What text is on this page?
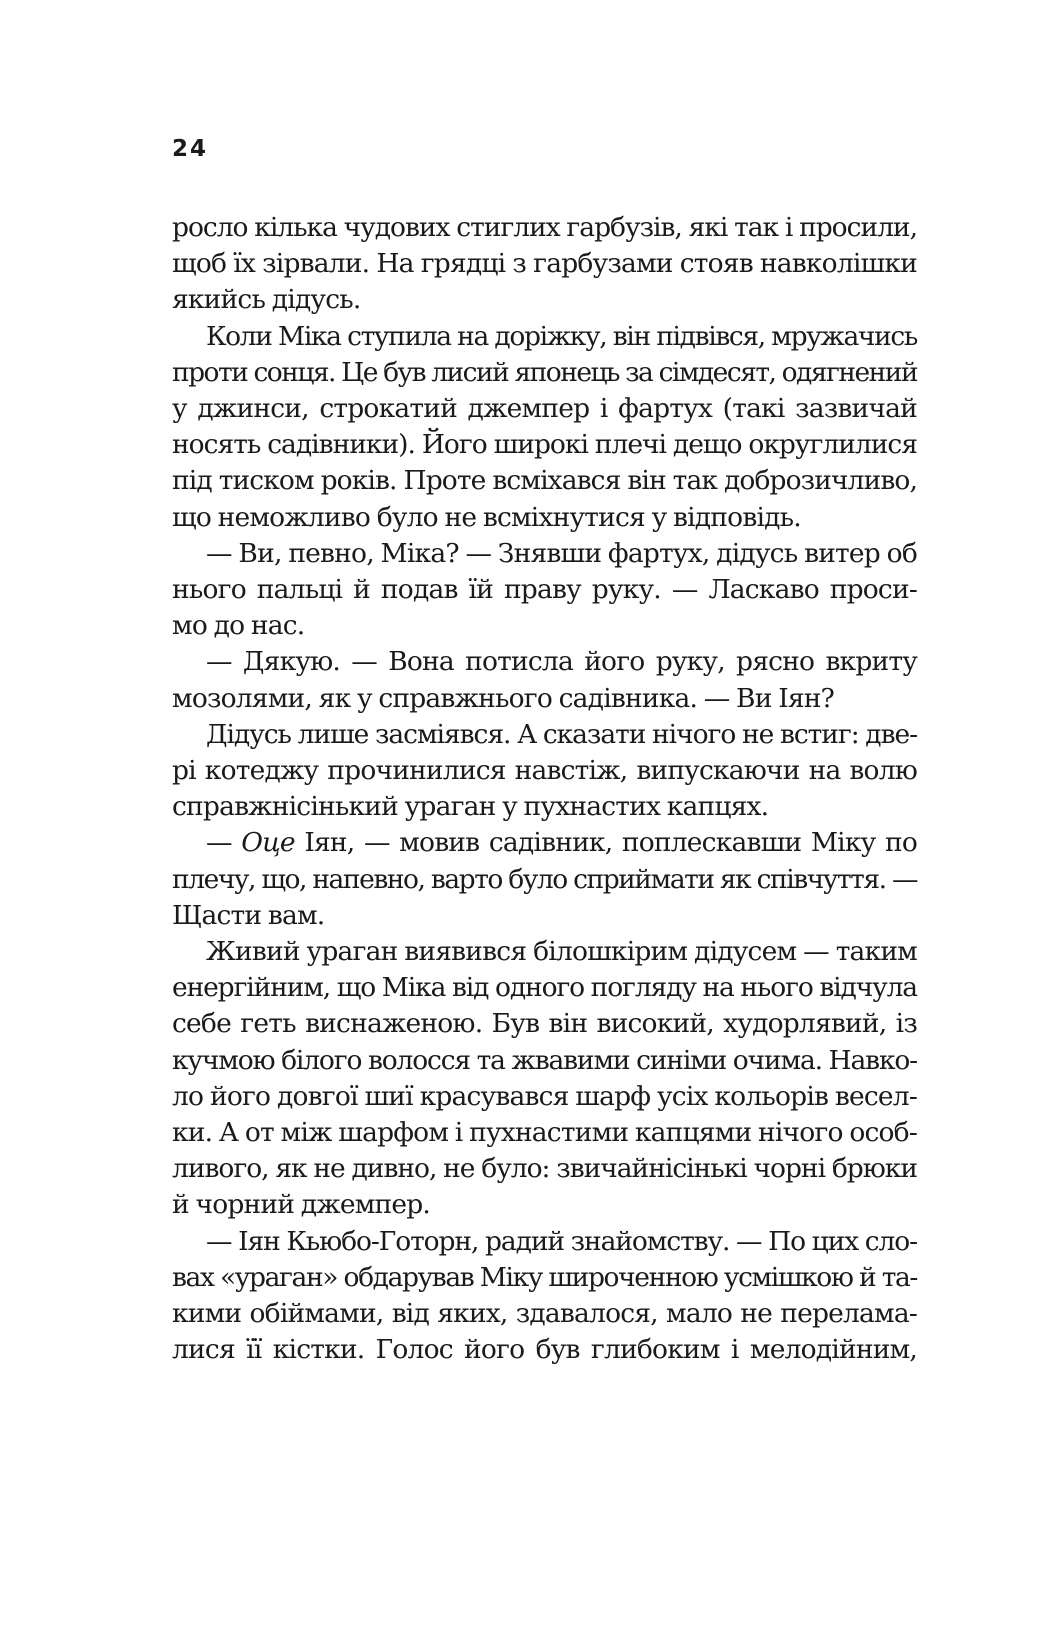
24
росло кілька чудових стиглих гарбузів, які так і просили,
щоб їх зірвали. На грядці з гарбузами стояв навколішки
якийсь дідусь.
Коли Міка ступила на доріжку, він підвівся, мружачись
проти сонця. Це був лисий японець за сімдесят, одягнений
у джинси, строкатий джемпер і фартух (такі зазвичай
носять садівники). Його широкі плечі дещо округлилися
під тиском років. Проте всміхався він так доброзичливо,
що неможливо було не всміхнутися у відповідь.
— Ви, певно, Міка? — Знявши фартух, дідусь витер об
нього пальці й подав їй праву руку. — Ласкаво проси-
мо до нас.
— Дякую. — Вона потисла його руку, рясно вкриту
мозолями, як у справжнього садівника. — Ви Іян?
Дідусь лише засміявся. А сказати нічого не встиг: две-
рі котеджу прочинилися навстіж, випускаючи на волю
справжнісінький ураган у пухнастих капцях.
— Оце Іян, — мовив садівник, поплескавши Міку по
плечу, що, напевно, варто було сприймати як співчуття. —
Щасти вам.
Живий ураган виявився білошкірим дідусем — таким
енергійним, що Міка від одного погляду на нього відчула
себе геть виснаженою. Був він високий, худорлявий, із
кучмою білого волосся та жвавими синіми очима. Навко-
ло його довгої шиї красувався шарф усіх кольорів весел-
ки. А от між шарфом і пухнастими капцями нічого особ-
ливого, як не дивно, не було: звичайнісінькі чорні брюки
й чорний джемпер.
— Іян Кьюбо-Готорн, радий знайомству. — По цих сло-
вах «ураган» обдарував Міку широченною усмішкою й та-
кими обіймами, від яких, здавалося, мало не перелама-
лися її кістки. Голос його був глибоким і мелодійним,
